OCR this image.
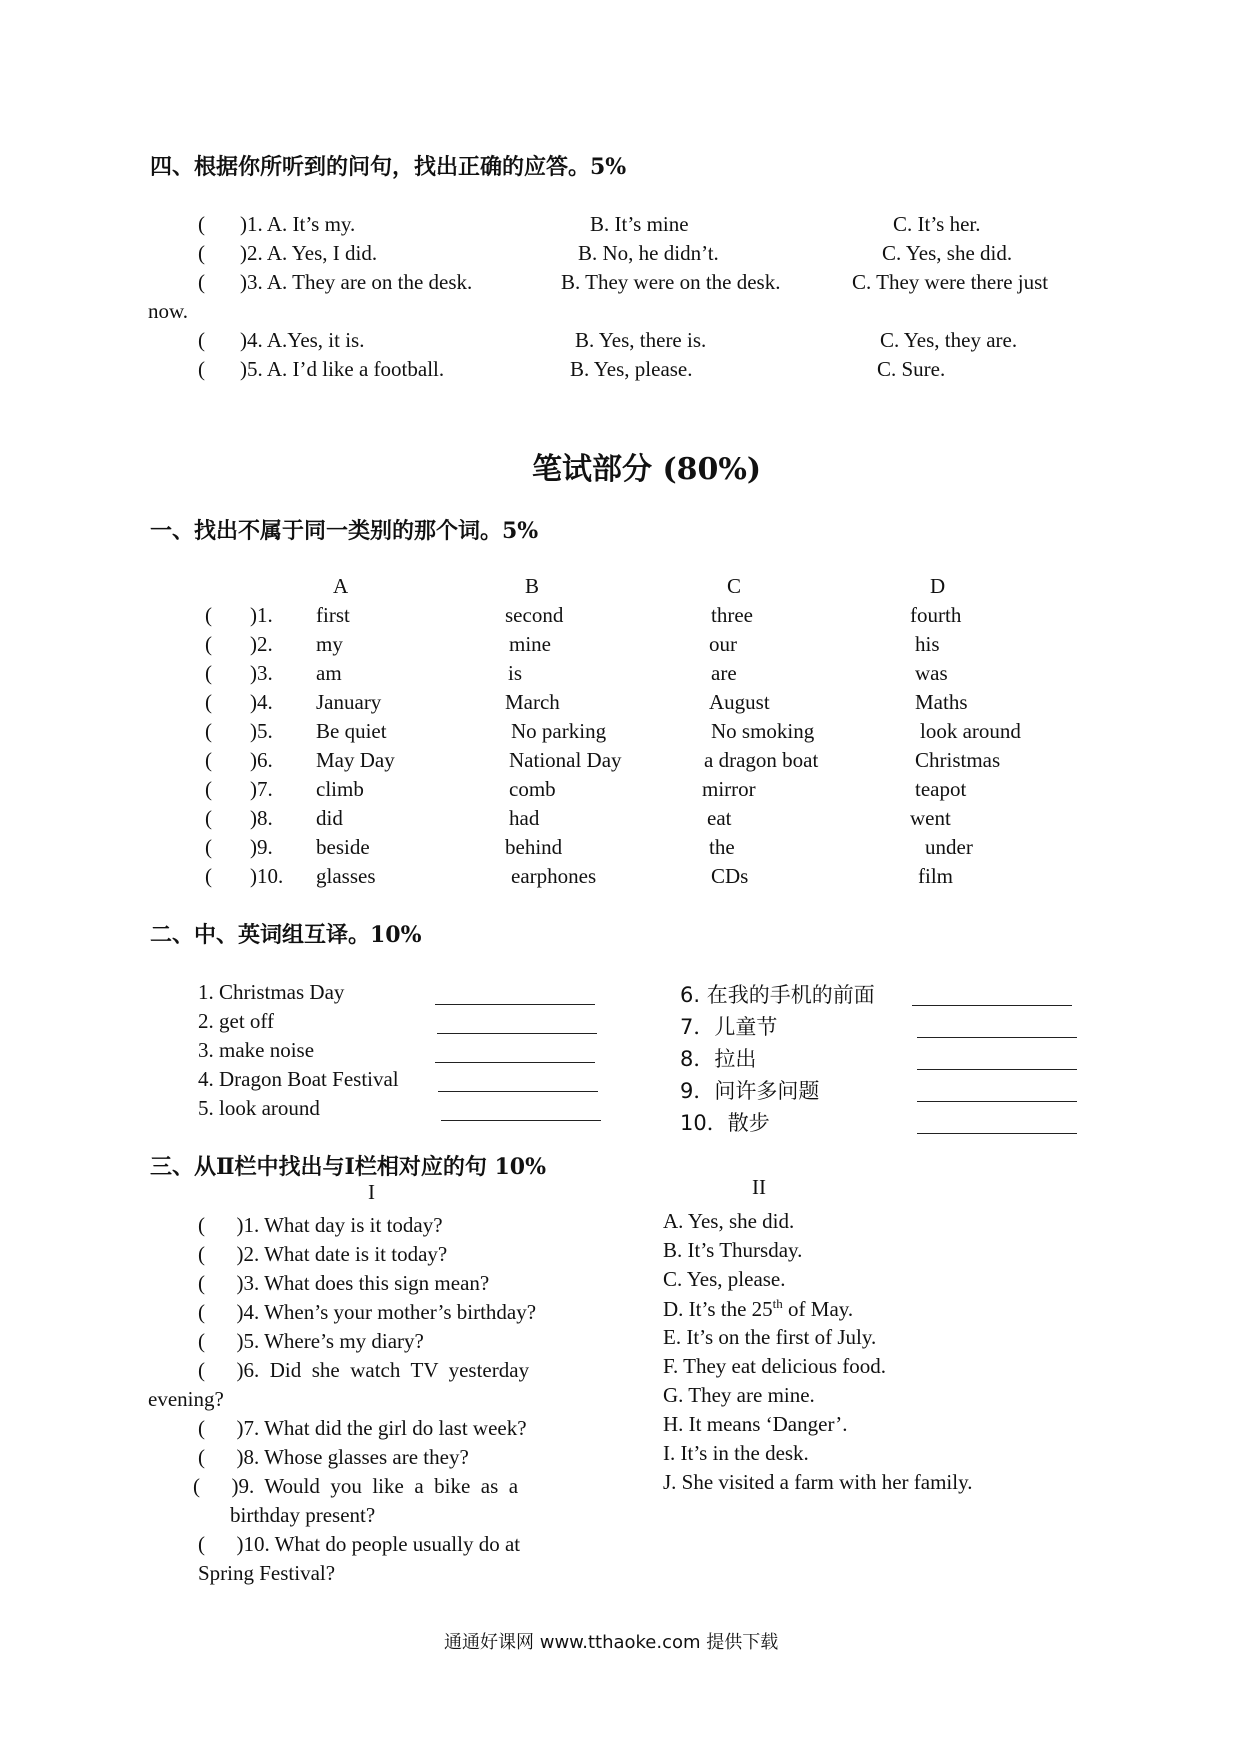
四、根据你所听到的问句，找出正确的应答。5%
( )1. A. It’s my.	B. It’s mine	C. It’s her.
( )2. A. Yes, I did.	B. No, he didn’t.	C. Yes, she did.
( )3. A. They are on the desk.	B. They were on the desk.	C. They were there just
now.
( )4. A.Yes, it is.	B. Yes, there is.	C. Yes, they are.
( )5. A. I’d like a football.	B. Yes, please.	C. Sure.
笔试部分 (80%)
一、找出不属于同一类别的那个词。5%
A	B	C	D
( )1. first	second	three	fourth
( )2. my	mine	our	his
( )3. am	is	are	was
( )4. January	March	August	Maths
( )5. Be quiet	No parking	No smoking	look around
( )6. May Day	National Day	a dragon boat	Christmas
( )7. climb	comb	mirror	teapot
( )8. did	had	eat	went
( )9. beside	behind	the	under
( )10. glasses	earphones	CDs	film
二、中、英词组互译。10%
1. Christmas Day
2. get off
3. make noise
4. Dragon Boat Festival
5. look around
6. 在我的手机的前面
7．儿童节
8．拉出
9．问许多问题
10．散步
三、从Ⅱ栏中找出与Ⅰ栏相对应的句 10%
I	II
(      )1. What day is it today?
(      )2. What date is it today?
(      )3. What does this sign mean?
(      )4. When’s your mother’s birthday?
(      )5. Where’s my diary?
(      )6.  Did  she  watch  TV  yesterday
evening?
(      )7. What did the girl do last week?
(      )8. Whose glasses are they?
(      )9.  Would  you  like  a  bike  as  a
birthday present?
(      )10. What do people usually do at
Spring Festival?
A. Yes, she did.
B. It’s Thursday.
C. Yes, please.
D. It’s the 25th of May.
E. It’s on the first of July.
F. They eat delicious food.
G. They are mine.
H. It means ‘Danger’.
I. It’s in the desk.
J. She visited a farm with her family.
通通好课网 www.tthaoke.com 提供下载
